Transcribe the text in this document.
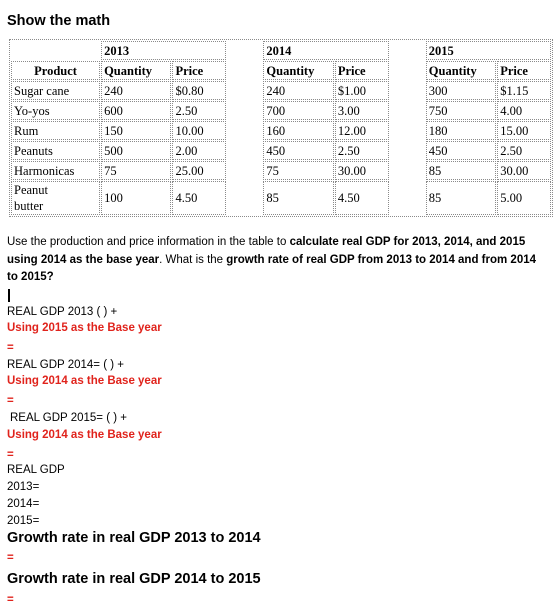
Show the math
	2013			2014			2015	
Product	Quantity	Price		Quantity	Price		Quantity	Price
Sugar cane	240	$0.80		240	$1.00		300	$1.15
Yo-yos	600	2.50		700	3.00		750	4.00
Rum	150	10.00		160	12.00		180	15.00
Peanuts	500	2.00		450	2.50		450	2.50
Harmonicas	75	25.00		75	30.00		85	30.00

Peanut
butter	100	4.50		85	4.50		85	5.00
Use the production and price information in the table to calculate real GDP for 2013, 2014, and 2015 using 2014 as the base year. What is the growth rate of real GDP from 2013 to 2014 and from 2014 to 2015?
REAL GDP 2013 ( ) +
Using 2015 as the Base year
=
REAL GDP 2014= ( ) +
Using 2014 as the Base year
=
REAL GDP 2015= ( ) +
Using 2014 as the Base year
=
REAL GDP
2013=
2014=
2015=
Growth rate in real GDP 2013 to 2014
=
Growth rate in real GDP 2014 to 2015
=
